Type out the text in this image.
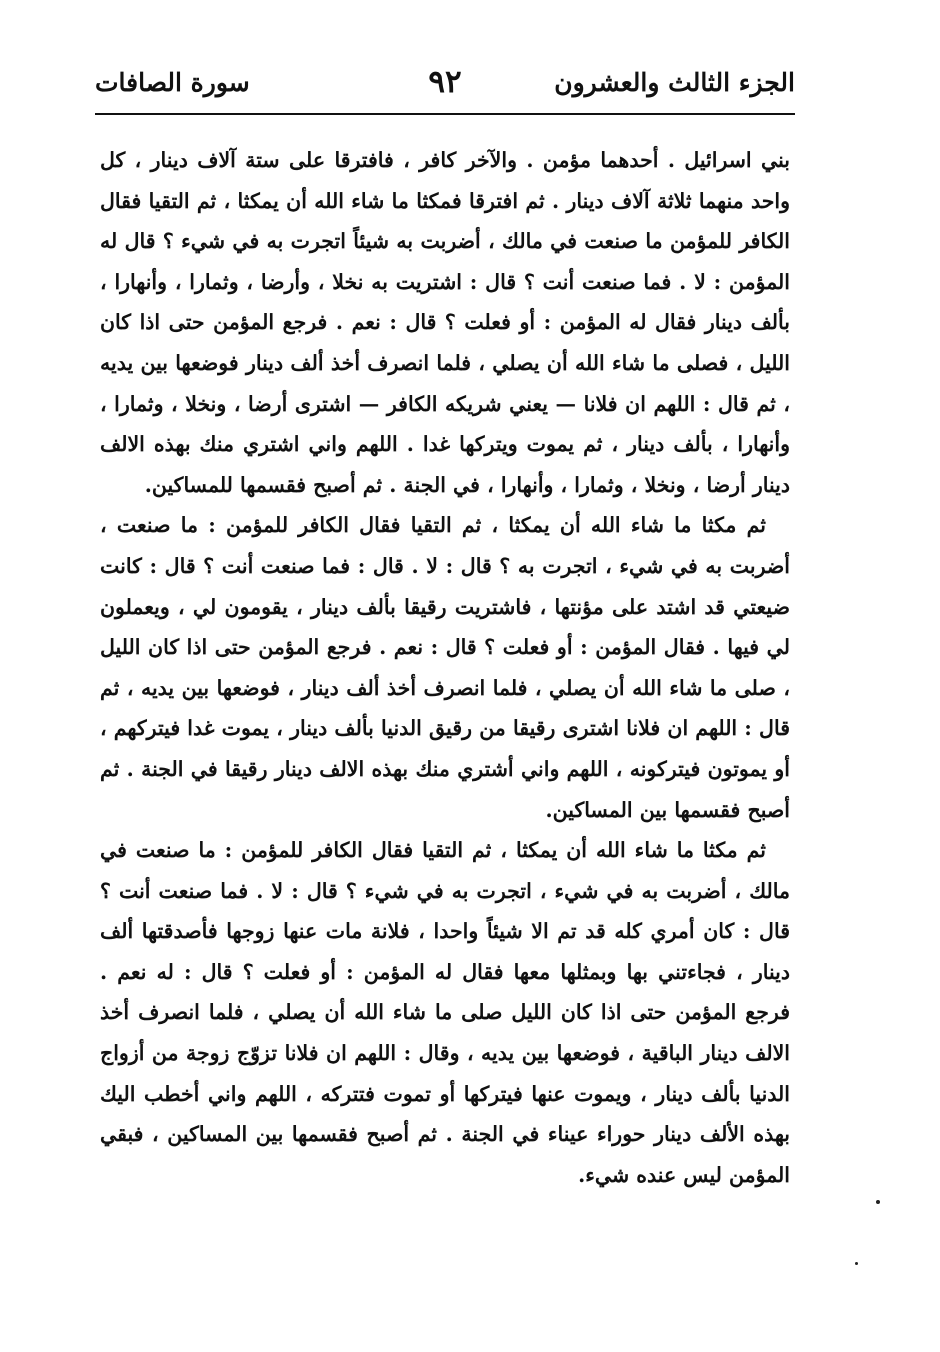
الجزء الثالث والعشرون
٩٢
سورة الصافات

بني اسرائيل . أحدهما مؤمن . والآخر كافر ، فافترقا على ستة آلاف دينار ، كل واحد منهما ثلاثة آلاف دينار . ثم افترقا فمكثا ما شاء الله أن يمكثا ، ثم التقيا فقال الكافر للمؤمن ما صنعت في مالك ، أضربت به شيئاً اتجرت به في شيء ؟ قال له المؤمن : لا . فما صنعت أنت ؟ قال : اشتريت به نخلا ، وأرضا ، وثمارا ، وأنهارا ، بألف دينار فقال له المؤمن : أو فعلت ؟ قال : نعم . فرجع المؤمن حتى اذا كان الليل ، فصلى ما شاء الله أن يصلي ، فلما انصرف أخذ ألف دينار فوضعها بين يديه ، ثم قال : اللهم ان فلانا — يعني شريكه الكافر — اشترى أرضا ، ونخلا ، وثمارا ، وأنهارا ، بألف دينار ، ثم يموت ويتركها غدا . اللهم واني اشتري منك بهذه الالف دينار أرضا ، ونخلا ، وثمارا ، وأنهارا ، في الجنة . ثم أصبح فقسمها للمساكين.

ثم مكثا ما شاء الله أن يمكثا ، ثم التقيا فقال الكافر للمؤمن : ما صنعت ، أضربت به في شيء ، اتجرت به ؟ قال : لا . قال : فما صنعت أنت ؟ قال : كانت ضيعتي قد اشتد على مؤنتها ، فاشتريت رقيقا بألف دينار ، يقومون لي ، ويعملون لي فيها . فقال المؤمن : أو فعلت ؟ قال : نعم . فرجع المؤمن حتى اذا كان الليل ، صلى ما شاء الله أن يصلي ، فلما انصرف أخذ ألف دينار ، فوضعها بين يديه ، ثم قال : اللهم ان فلانا اشترى رقيقا من رقيق الدنيا بألف دينار ، يموت غدا فيتركهم ، أو يموتون فيتركونه ، اللهم واني أشتري منك بهذه الالف دينار رقيقا في الجنة . ثم أصبح فقسمها بين المساكين.

ثم مكثا ما شاء الله أن يمكثا ، ثم التقيا فقال الكافر للمؤمن : ما صنعت في مالك ، أضربت به في شيء ، اتجرت به في شيء ؟ قال : لا . فما صنعت أنت ؟ قال : كان أمري كله قد تم الا شيئاً واحدا ، فلانة مات عنها زوجها فأصدقتها ألف دينار ، فجاءتني بها وبمثلها معها فقال له المؤمن : أو فعلت ؟ قال : له نعم . فرجع المؤمن حتى اذا كان الليل صلى ما شاء الله أن يصلي ، فلما انصرف أخذ الالف دينار الباقية ، فوضعها بين يديه ، وقال : اللهم ان فلانا تزوّج زوجة من أزواج الدنيا بألف دينار ، ويموت عنها فيتركها أو تموت فتتركه ، اللهم واني أخطب اليك بهذه الألف دينار حوراء عيناء في الجنة . ثم أصبح فقسمها بين المساكين ، فبقي المؤمن ليس عنده شيء.
